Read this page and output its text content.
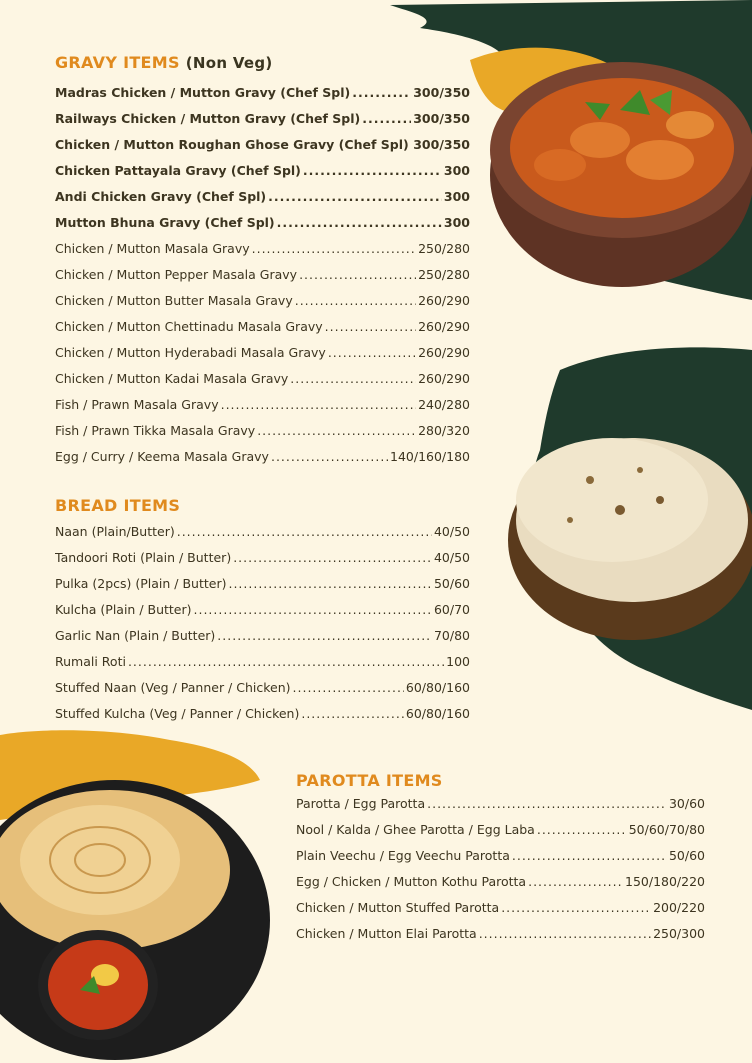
GRAVY ITEMS (Non Veg)
Madras Chicken / Mutton Gravy (Chef Spl) .....	300/350
Railways Chicken / Mutton Gravy (Chef Spl) .....	300/350
Chicken / Mutton Roughan Ghose Gravy (Chef Spl) ..... 300/350
Chicken Pattayala Gravy (Chef Spl) .....	300
Andi Chicken Gravy (Chef Spl) .....	300
Mutton Bhuna Gravy (Chef Spl) .....	300
Chicken / Mutton Masala Gravy .....	250/280
Chicken / Mutton Pepper Masala Gravy .....	250/280
Chicken / Mutton Butter Masala Gravy .....	260/290
Chicken / Mutton Chettinadu Masala Gravy .....	260/290
Chicken / Mutton Hyderabadi Masala Gravy .....	260/290
Chicken / Mutton Kadai Masala Gravy .....	260/290
Fish / Prawn Masala Gravy .....	240/280
Fish / Prawn Tikka Masala Gravy .....	280/320
Egg / Curry / Keema Masala Gravy .....	140/160/180
BREAD ITEMS
Naan (Plain/Butter) .....	40/50
Tandoori Roti (Plain / Butter) .....	40/50
Pulka (2pcs) (Plain / Butter) .....	50/60
Kulcha (Plain / Butter) .....	60/70
Garlic Nan (Plain / Butter) .....	70/80
Rumali Roti .....	100
Stuffed Naan (Veg / Panner / Chicken) .....	60/80/160
Stuffed Kulcha (Veg / Panner / Chicken) .....	60/80/160
PAROTTA ITEMS
Parotta / Egg Parotta .....	30/60
Nool / Kalda / Ghee Parotta / Egg Laba .....	50/60/70/80
Plain Veechu / Egg Veechu Parotta .....	50/60
Egg / Chicken / Mutton Kothu Parotta .....	150/180/220
Chicken / Mutton Stuffed Parotta .....	200/220
Chicken / Mutton Elai Parotta .....	250/300
